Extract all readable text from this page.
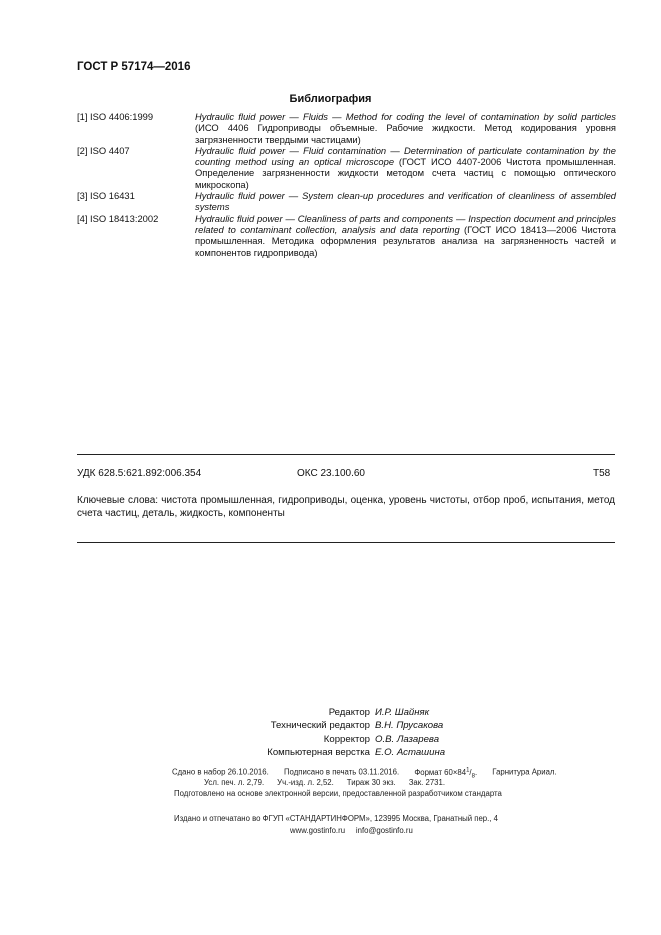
ГОСТ Р 57174—2016
Библиография
[1] ISO 4406:1999	Hydraulic fluid power — Fluids — Method for coding the level of contamination by solid particles (ИСО 4406 Гидроприводы объемные. Рабочие жидкости. Метод кодирования уровня загрязненности твердыми частицами)
[2] ISO 4407	Hydraulic fluid power — Fluid contamination — Determination of particulate contamination by the counting method using an optical microscope (ГОСТ ИСО 4407-2006 Чистота промышленная. Определение загрязненности жидкости методом счета частиц с помощью оптического микроскопа)
[3] ISO 16431	Hydraulic fluid power — System clean-up procedures and verification of cleanliness of assembled systems
[4] ISO 18413:2002	Hydraulic fluid power — Cleanliness of parts and components — Inspection document and principles related to contaminant collection, analysis and data reporting (ГОСТ ИСО 18413—2006 Чистота промышленная. Методика оформления результатов анализа на загрязненность частей и компонентов гидропривода)
УДК 628.5:621.892:006.354	ОКС 23.100.60	Т58
Ключевые слова: чистота промышленная, гидроприводы, оценка, уровень чистоты, отбор проб, испытания, метод счета частиц, деталь, жидкость, компоненты
Редактор И.Р. Шайняк
Технический редактор В.Н. Прусакова
Корректор О.В. Лазарева
Компьютерная верстка Е.О. Асташина
Сдано в набор 26.10.2016. Подписано в печать 03.11.2016. Формат $60\times 84^1/_8$. Гарнитура Ариал.
Усл. печ. л. 2,79. Уч.-изд. л. 2,52. Тираж 30 экз. Зак. 2731.
Подготовлено на основе электронной версии, предоставленной разработчиком стандарта
Издано и отпечатано во ФГУП «СТАНДАРТИНФОРМ», 123995 Москва, Гранатный пер., 4
www.gostinfo.ru info@gostinfo.ru
